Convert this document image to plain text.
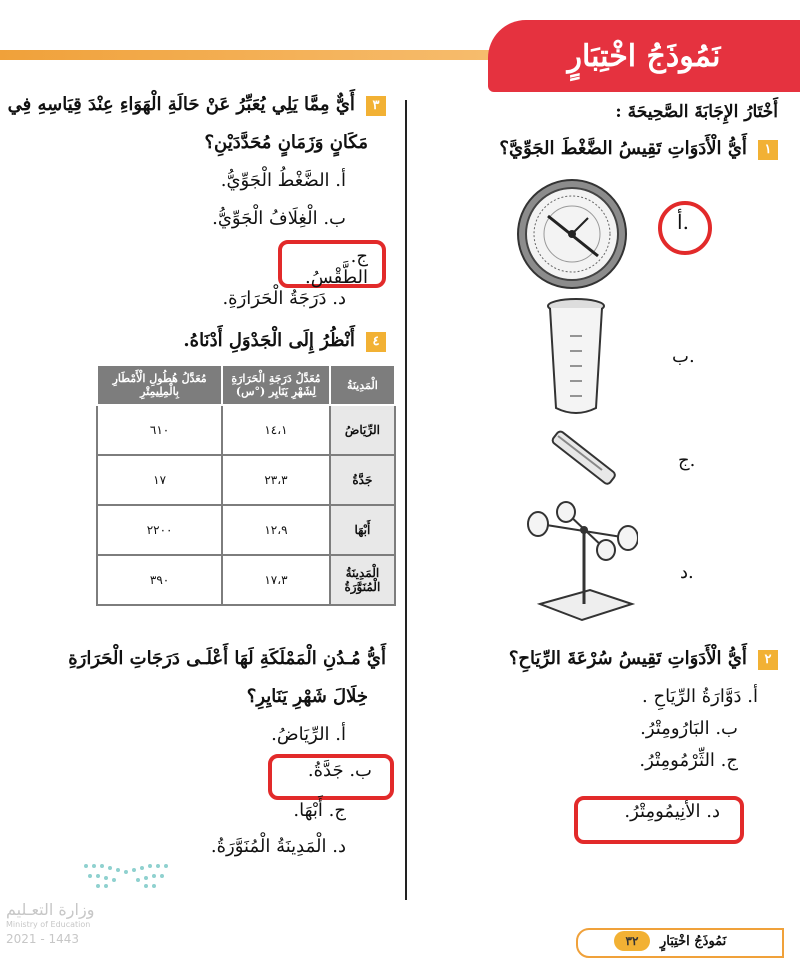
نَمُوذَجُ اخْتِبَارٍ
أَخْتَارُ الإِجَابَةَ الصَّحِيحَةَ :
١ أَيُّ الْأَدَوَاتِ تَقِيسُ الضَّغْطَ الجَوِّيَّ؟
أ.
ب.
ج.
د.
٢ أَيُّ الْأَدَوَاتِ تَقِيسُ سُرْعَةَ الرِّيَاحِ؟
أ. دَوَّارَةُ الرِّيَاحِ .
ب. البَارُومِتْرُ.
ج. الثِّرْمُومِتْرُ.
د. الأنِيمُومِتْرُ.
٣ أَيٌّ مِمَّا يَلِي يُعَبِّرُ عَنْ حَالَةِ الْهَوَاءِ عِنْدَ قِيَاسِهِ فِي
مَكَانٍ وَزَمَانٍ مُحَدَّدَيْنِ؟
أ. الضَّغْطُ الْجَوِّيُّ.
ب. الْغِلَافُ الْجَوِّيُّ.
ج. الطَّقْسُ.
د. دَرَجَةُ الْحَرَارَةِ.
٤ أَنْظُرُ إِلَى الْجَدْوَلِ أَدْنَاهُ.
الْمَدِينَةُ	مُعَدَّلُ دَرَجَةِ الْحَرَارَةِ لِشَهْرِ يَنَايِر (°س)	مُعَدَّلُ هُطُولِ الْأَمْطَارِ بِالْمِلِيمِتْرِ
الرِّيَاضُ	١٤،١	٦١٠
جَدَّةُ	٢٣،٣	١٧
أَبْهَا	١٢،٩	٢٢٠٠
الْمَدِينَةُ الْمُنَوَّرَةُ	١٧،٣	٣٩٠
أَيُّ مُـدُنِ الْمَمْلَكَةِ لَهَا أَعْلَـى دَرَجَاتِ الْحَرَارَةِ
خِلَالَ شَهْرِ يَنَايِرِ؟
أ. الرِّيَاضُ.
ب. جَدَّةُ.
ج. أَبْهَا.
د. الْمَدِينَةُ الْمُنَوَّرَةُ.
وزارة التعـليم
Ministry of Education
2021 - 1443	٣٢	نَمُوذَجُ اخْتِبَارٍ
